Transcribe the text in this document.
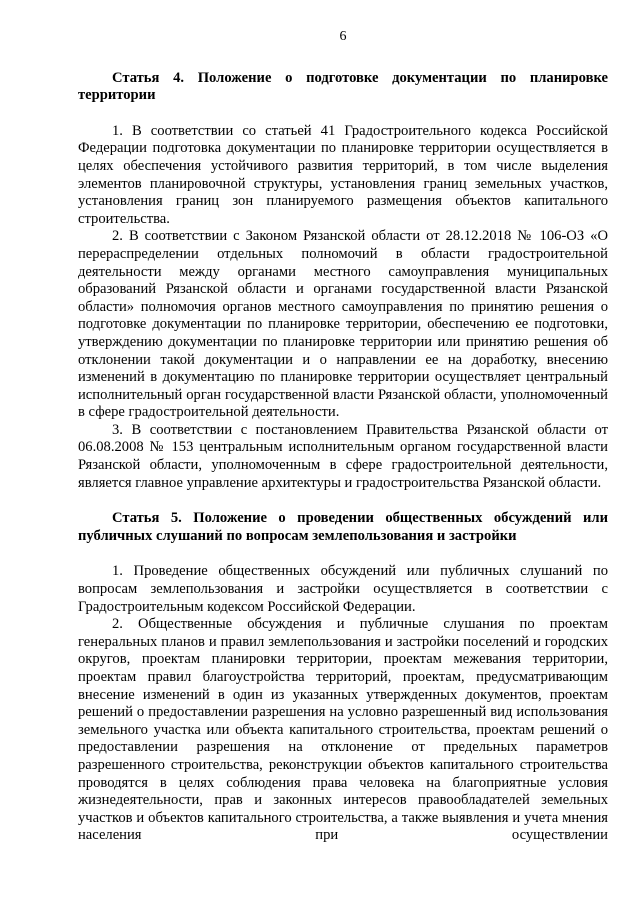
6
Статья 4. Положение о подготовке документации по планировке территории

1. В соответствии со статьей 41 Градостроительного кодекса Российской Федерации подготовка документации по планировке территории осуществляется в целях обеспечения устойчивого развития территорий, в том числе выделения элементов планировочной структуры, установления границ земельных участков, установления границ зон планируемого размещения объектов капитального строительства.

2. В соответствии с Законом Рязанской области от 28.12.2018 № 106-ОЗ «О перераспределении отдельных полномочий в области градостроительной деятельности между органами местного самоуправления муниципальных образований Рязанской области и органами государственной власти Рязанской области» полномочия органов местного самоуправления по принятию решения о подготовке документации по планировке территории, обеспечению ее подготовки, утверждению документации по планировке территории или принятию решения об отклонении такой документации и о направлении ее на доработку, внесению изменений в документацию по планировке территории осуществляет центральный исполнительный орган государственной власти Рязанской области, уполномоченный в сфере градостроительной деятельности.

3. В соответствии с постановлением Правительства Рязанской области от 06.08.2008 № 153 центральным исполнительным органом государственной власти Рязанской области, уполномоченным в сфере градостроительной деятельности, является главное управление архитектуры и градостроительства Рязанской области.

Статья 5. Положение о проведении общественных обсуждений или публичных слушаний по вопросам землепользования и застройки

1. Проведение общественных обсуждений или публичных слушаний по вопросам землепользования и застройки осуществляется в соответствии с Градостроительным кодексом Российской Федерации.

2. Общественные обсуждения и публичные слушания по проектам генеральных планов и правил землепользования и застройки поселений и городских округов, проектам планировки территории, проектам межевания территории, проектам правил благоустройства территорий, проектам, предусматривающим внесение изменений в один из указанных утвержденных документов, проектам решений о предоставлении разрешения на условно разрешенный вид использования земельного участка или объекта капитального строительства, проектам решений о предоставлении разрешения на отклонение от предельных параметров разрешенного строительства, реконструкции объектов капитального строительства проводятся в целях соблюдения права человека на благоприятные условия жизнедеятельности, прав и законных интересов правообладателей земельных участков и объектов капитального строительства, а также выявления и учета мнения населения при осуществлении
